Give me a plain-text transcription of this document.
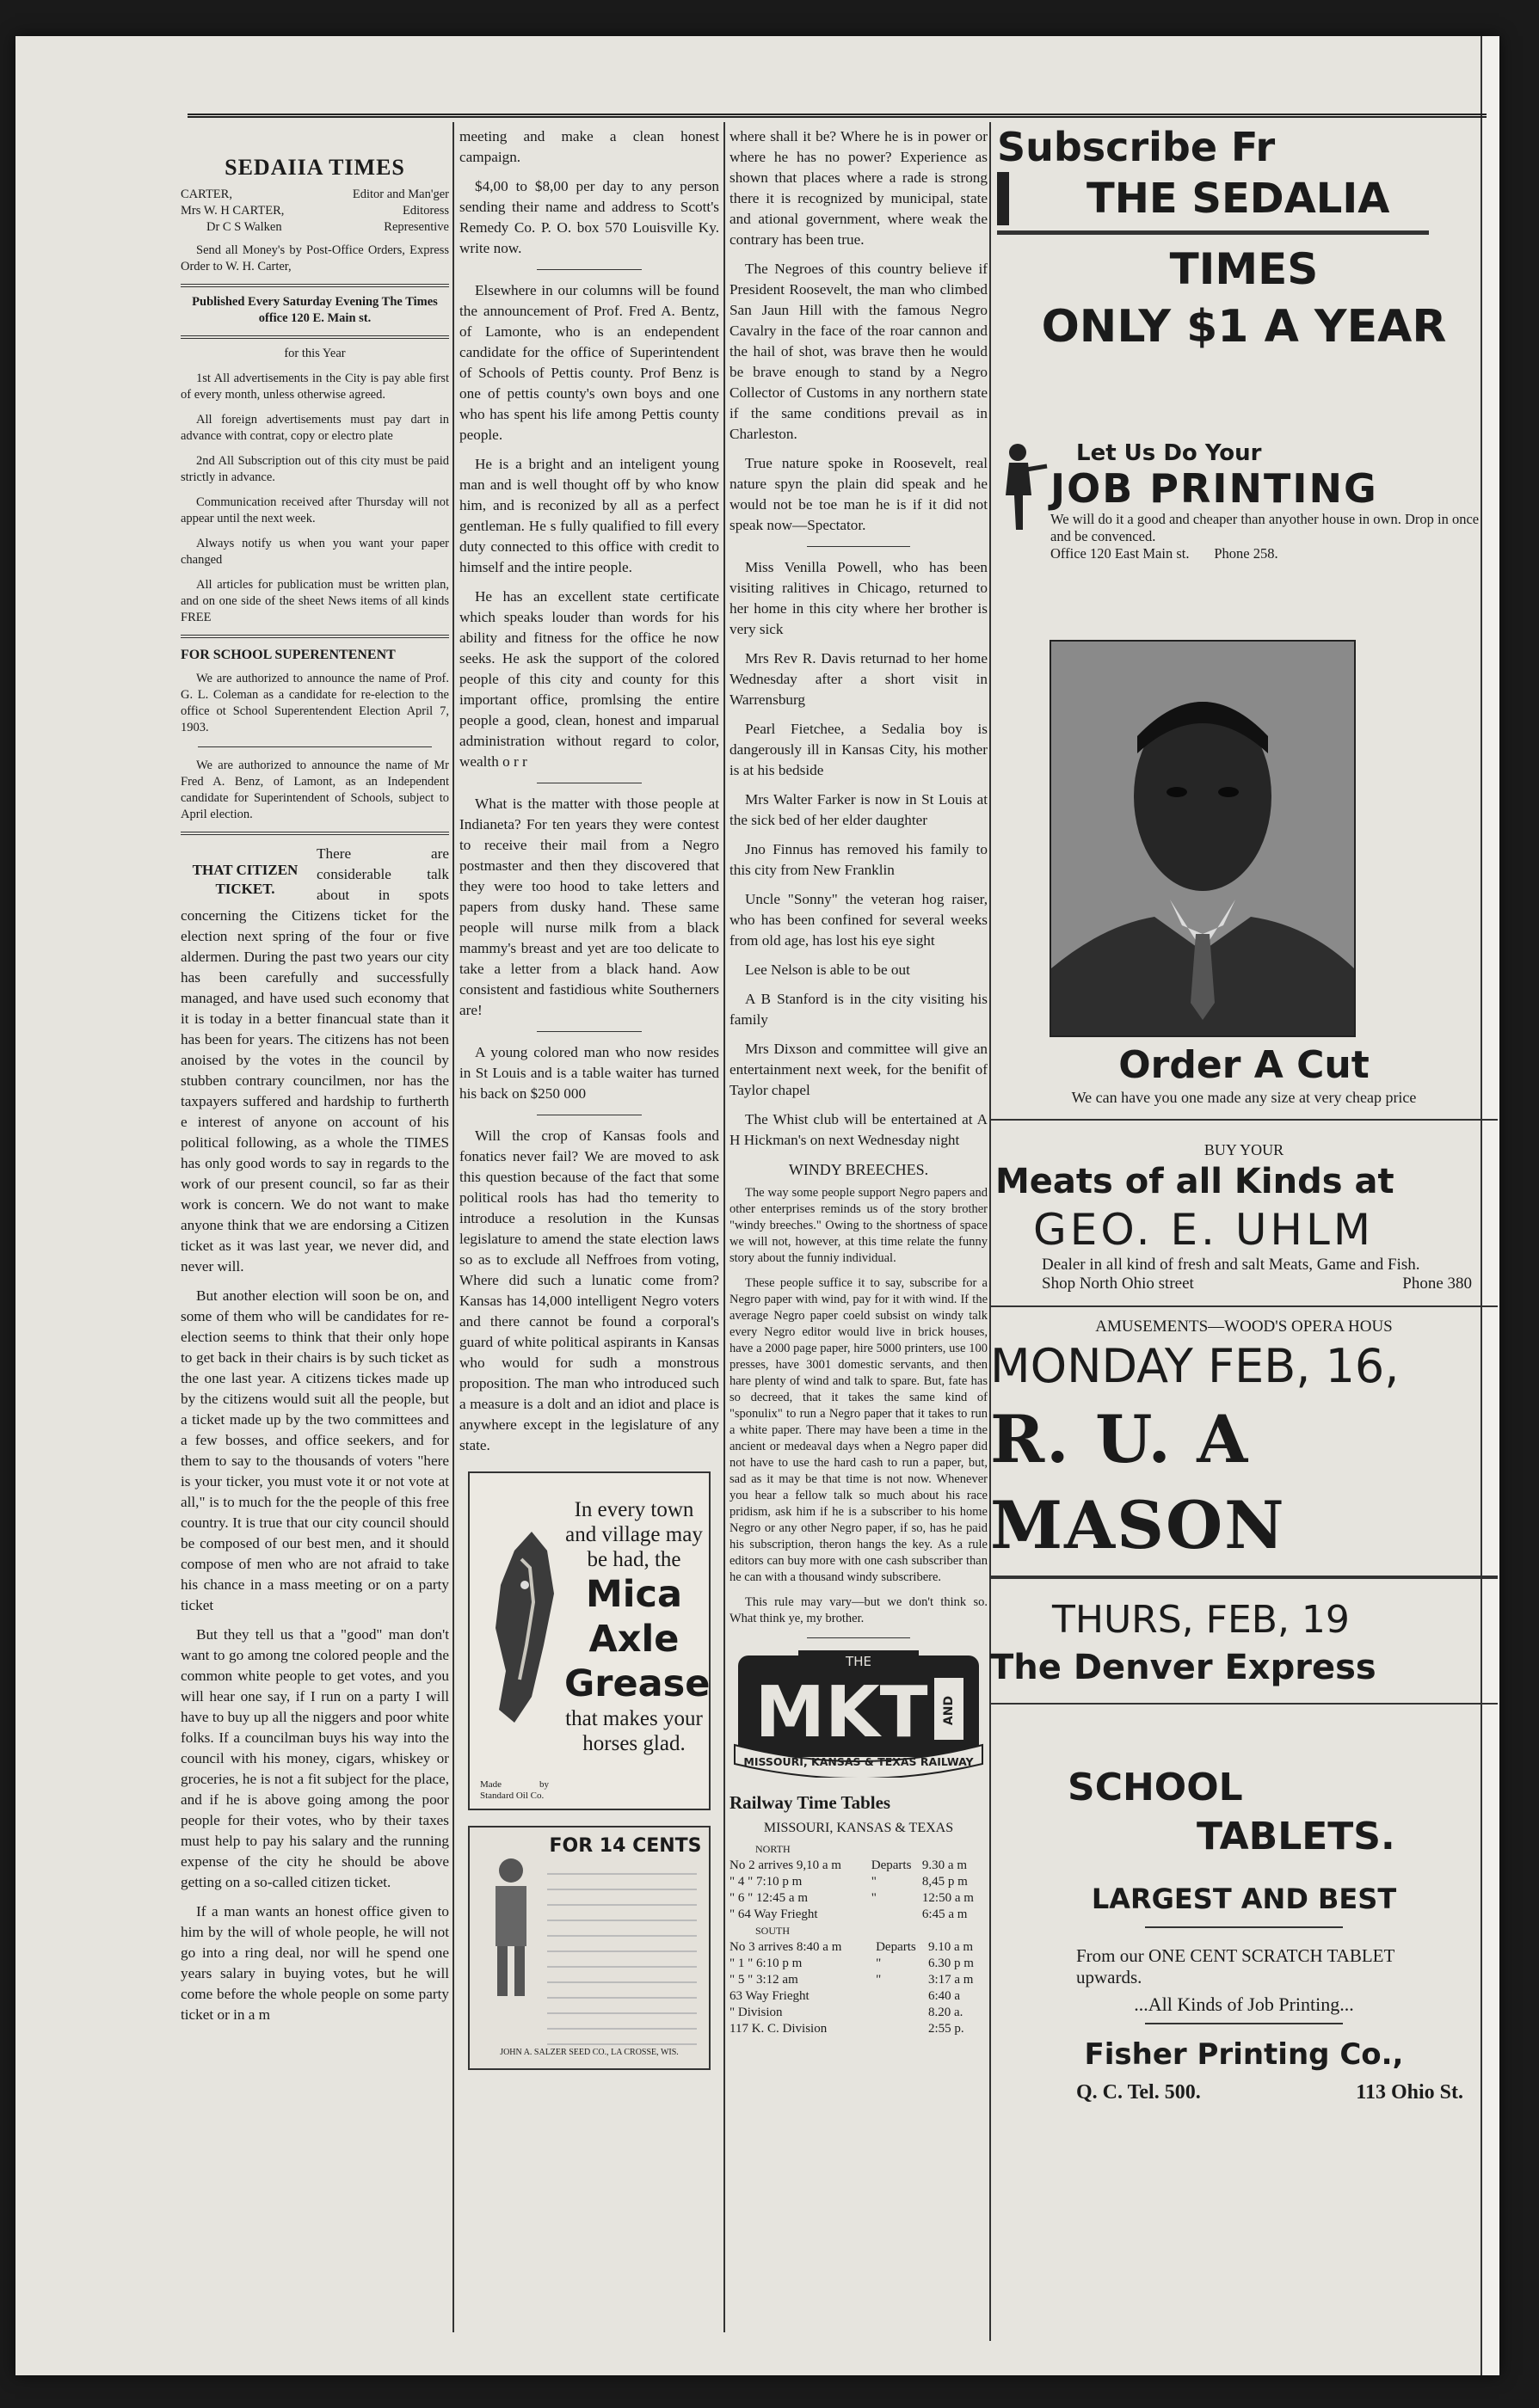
SEDAIIA TIMES
CARTER,	Editor and Man'ger
Mrs W. H CARTER,	Editoress
Dr C S Walken	Representive

Send all Money's by Post-Office Orders, Express Order to W. H. Carter,

Published Every Saturday Evening The Times office 120 E. Main st.

for this Year

1st All advertisements in the City is pay able first of every month, unless otherwise agreed.

All foreign advertisements must pay dart in advance with contrat, copy or electro plate

2nd All Subscription out of this city must be paid strictly in advance.

Communication received after Thursday will not appear until the next week.

Always notify us when you want your paper changed

All articles for publication must be written plan, and on one side of the sheet News items of all kinds FREE

FOR SCHOOL SUPERENTENENT

We are authorized to announce the name of Prof. G. L. Coleman as a candidate for re-election to the office ot School Superentendent Election April 7, 1903.

We are authorized to announce the name of Mr Fred A. Benz, of Lamont, as an Independent candidate for Superintendent of Schools, subject to April election.

THAT CITIZEN TICKET.

There are considerable talk about in spots concerning the Citizens ticket for the election next spring of the four or five aldermen. During the past two years our city has been carefully and successfully managed, and have used such economy that it is today in a better financual state than it has been for years. The citizens has not been anoised by the votes in the council by stubben contrary councilmen, nor has the taxpayers suffered and hardship to furtherth e interest of anyone on account of his political following, as a whole the TIMES has only good words to say in regards to the work of our present council, so far as their work is concern. We do not want to make anyone think that we are endorsing a Citizen ticket as it was last year, we never did, and never will.

But another election will soon be on, and some of them who will be candidates for re-election seems to think that their only hope to get back in their chairs is by such ticket as the one last year. A citizens tickes made up by the citizens would suit all the people, but a ticket made up by the two committees and a few bosses, and office seekers, and for them to say to the thousands of voters "here is your ticker, you must vote it or not vote at all," is to much for the the people of this free country. It is true that our city council should be composed of our best men, and it should compose of men who are not afraid to take his chance in a mass meeting or on a party ticket

But they tell us that a "good" man don't want to go among tne colored people and the common white people to get votes, and you will hear one say, if I run on a party I will have to buy up all the niggers and poor white folks. If a councilman buys his way into the council with his money, cigars, whiskey or groceries, he is not a fit subject for the place, and if he is above going among the poor people for their votes, who by their taxes must help to pay his salary and the running expense of the city he should be above getting on a so-called citizen ticket.

If a man wants an honest office given to him by the will of whole people, he will not go into a ring deal, nor will he spend one years salary in buying votes, but he will come before the whole people on some party ticket or in a m

meeting and make a clean honest campaign.

$4,00 to $8,00 per day to any person sending their name and address to Scott's Remedy Co. P. O. box 570 Louisville Ky. write now.

Elsewhere in our columns will be found the announcement of Prof. Fred A. Bentz, of Lamonte, who is an endependent candidate for the office of Superintendent of Schools of Pettis county. Prof Benz is one of pettis county's own boys and one who has spent his life among Pettis county people.

He is a bright and an inteligent young man and is well thought off by who know him, and is reconized by all as a perfect gentleman. He s fully qualified to fill every duty connected to this office with credit to himself and the intire people.

He has an excellent state certificate which speaks louder than words for his ability and fitness for the office he now seeks. He ask the support of the colored people of this city and county for this important office, promlsing the entire people a good, clean, honest and imparual administration without regard to color, wealth o r r

What is the matter with those people at Indianeta? For ten years they were contest to receive their mail from a Negro postmaster and then they discovered that they were too hood to take letters and papers from dusky hand. These same people will nurse milk from a black mammy's breast and yet are too delicate to take a letter from a black hand. Aow consistent and fastidious white Southerners are!

A young colored man who now resides in St Louis and is a table waiter has turned his back on $250 000

Will the crop of Kansas fools and fonatics never fail? We are moved to ask this question because of the fact that some political rools has had tho temerity to introduce a resolution in the Kunsas legislature to amend the state election laws so as to exclude all Neffroes from voting, Where did such a lunatic come from? Kansas has 14,000 intelligent Negro voters and there cannot be found a corporal's guard of white political aspirants in Kansas who would for sudh a monstrous proposition. The man who introduced such a measure is a dolt and an idiot and place is anywhere except in the legislature of any state.

In every town and village may be had, the
Mica
Axle
Grease
that makes your horses glad.
Made by Standard Oil Co.
FOR 14 CENTS
JOHN A. SALZER SEED CO., LA CROSSE, WIS.

where shall it be? Where he is in power or where he has no power? Experience as shown that places where a rade is strong there it is recognized by municipal, state and ational government, where weak the contrary has been true.

The Negroes of this country believe if President Roosevelt, the man who climbed San Jaun Hill with the famous Negro Cavalry in the face of the roar cannon and the hail of shot, was brave then he would be brave enough to stand by a Negro Collector of Customs in any northern state if the same conditions prevail as in Charleston.

True nature spoke in Roosevelt, real nature spyn the plain did speak and he would not be toe man he is if it did not speak now—Spectator.

Miss Venilla Powell, who has been visiting ralitives in Chicago, returned to her home in this city where her brother is very sick

Mrs Rev R. Davis returnad to her home Wednesday after a short visit in Warrensburg

Pearl Fietchee, a Sedalia boy is dangerously ill in Kansas City, his mother is at his bedside

Mrs Walter Farker is now in St Louis at the sick bed of her elder daughter

Jno Finnus has removed his family to this city from New Franklin

Uncle "Sonny" the veteran hog raiser, who has been confined for several weeks from old age, has lost his eye sight

Lee Nelson is able to be out

A B Stanford is in the city visiting his family

Mrs Dixson and committee will give an entertainment next week, for the benifit of Taylor chapel

The Whist club will be entertained at A H Hickman's on next Wednesday night

WINDY BREECHES.

The way some people support Negro papers and other enterprises reminds us of the story brother "windy breeches." Owing to the shortness of space we will not, however, at this time relate the funny story about the funniy individual.

These people suffice it to say, subscribe for a Negro paper with wind, pay for it with wind. If the average Negro paper coeld subsist on windy talk every Negro editor would live in brick houses, have a 2000 page paper, hire 5000 printers, use 100 presses, have 3001 domestic servants, and then hare plenty of wind and talk to spare. But, fate has so decreed, that it takes the same kind of "sponulix" to run a Negro paper that it takes to run a white paper. There may have been a time in the ancient or medeaval days when a Negro paper did not have to use the hard cash to run a paper, but, sad as it may be that time is not now. Whenever you hear a fellow talk so much about his race pridism, ask him if he is a subscriber to his home Negro or any other Negro paper, if so, has he paid his subscription, theron hangs the key. As a rule editors can buy more with one cash subscriber than he can with a thousand windy subscribere.

This rule may vary—but we don't think so. What think ye, my brother.

THE
MKT AND
MISSOURI, KANSAS & TEXAS RAILWAY
Railway Time Tables
MISSOURI, KANSAS & TEXAS
NORTH
No 2 arrives 9,10 a m	Departs	9.30 a m
" 4 " 7:10 p m	"	8,45 p m
" 6 " 12:45 a m	"	12:50 a m
" 64 Way Frieght		6:45 a m
SOUTH
No 3 arrives 8:40 a m	Departs	9.10 a m
" 1 " 6:10 p m	"	6.30 p m
" 5 " 3:12 am	"	3:17 a m
63 Way Frieght		6:40 a
" Division		8.20 a.
117 K. C. Division		2:55 p.
Subscribe Fr
THE SEDALIA
TIMES
ONLY $1 A YEAR
Let Us Do Your
JOB PRINTING
We will do it a good and cheaper than anyother house in own. Drop in once and be convenced.
Office 120 East Main st. Phone 258.
Order A Cut
We can have you one made any size at very cheap price
BUY YOUR
Meats of all Kinds at
GEO. E. UHLM
Dealer in all kind of fresh and salt Meats, Game and Fish.
Shop North Ohio street	Phone 380
AMUSEMENTS—WOOD'S OPERA HOUS
MONDAY FEB, 16,
R. U. A MASON
THURS, FEB, 19
The Denver Express
SCHOOL
TABLETS.
LARGEST AND BEST
From our ONE CENT SCRATCH TABLET upwards.
...All Kinds of Job Printing...
Fisher Printing Co.,
Q. C. Tel. 500.	113 Ohio St.
